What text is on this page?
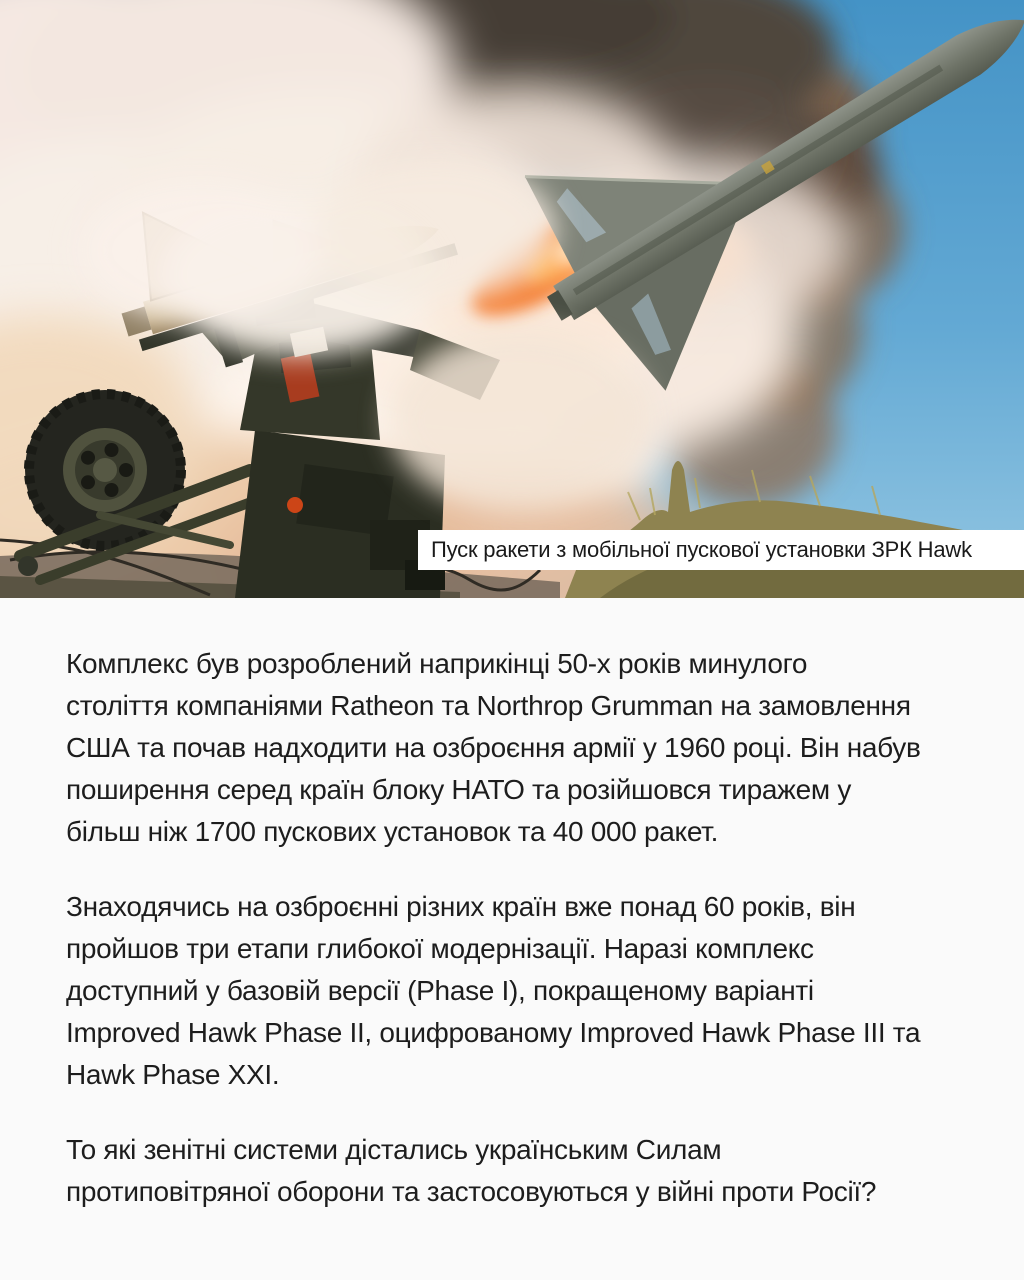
Пуск ракети з мобільної пускової установки ЗРК Hawk

Комплекс був розроблений наприкінці 50-х років минулого
століття компаніями Ratheon та Northrop Grumman на замовлення
США та почав надходити на озброєння армії у 1960 році. Він набув
поширення серед країн блоку НАТО та розійшовся тиражем у
більш ніж 1700 пускових установок та 40 000 ракет.

Знаходячись на озброєнні різних країн вже понад 60 років, він
пройшов три етапи глибокої модернізації. Наразі комплекс
доступний у базовій версії (Phase I), покращеному варіанті
Improved Hawk Phase II, оцифрованому Improved Hawk Phase III та
Hawk Phase XXI.

То які зенітні системи дістались українським Силам
протиповітряної оборони та застосовуються у війні проти Росії?
